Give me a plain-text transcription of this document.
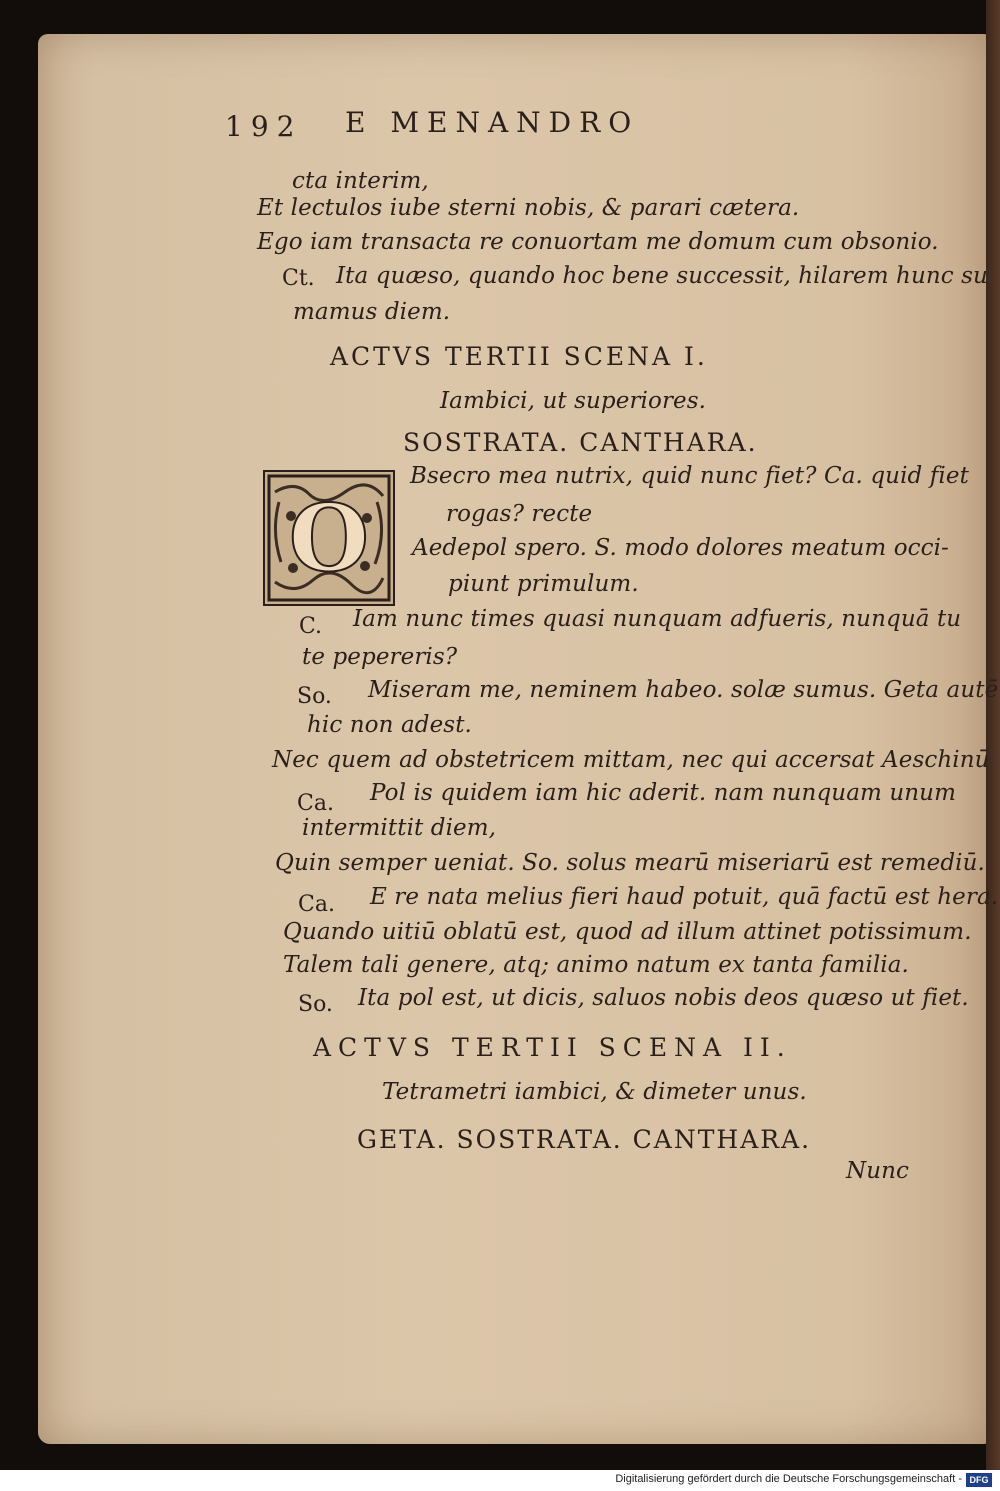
192 E MENANDRO
cta interim,
Et lectulos iube sterni nobis, & parari cætera.
Ego iam transacta re conuortam me domum cum obsonio.
Ct. Ita quæso, quando hoc bene successit, hilarem hunc su
mamus diem.
ACTVS TERTII SCENA I.
Iambici, ut superiores.
SOSTRATA. CANTHARA.
O
Bsecro mea nutrix, quid nunc fiet? Ca. quid fiet
rogas? recte
Aedepol spero. S. modo dolores meatum occi-
piunt primulum.
C. Iam nunc times quasi nunquam adfueris, nunquā tu
te pepereris?
So. Miseram me, neminem habeo. solæ sumus. Geta autē
hic non adest.
Nec quem ad obstetricem mittam, nec qui accersat Aeschinū
Ca. Pol is quidem iam hic aderit. nam nunquam unum
intermittit diem,
Quin semper ueniat. So. solus mearū miseriarū est remediū.
Ca. E re nata melius fieri haud potuit, quā factū est hera.
Quando uitiū oblatū est, quod ad illum attinet potissimum.
Talem tali genere, atq; animo natum ex tanta familia.
So. Ita pol est, ut dicis, saluos nobis deos quæso ut fiet.
ACTVS TERTII SCENA II.
Tetrametri iambici, & dimeter unus.
GETA. SOSTRATA. CANTHARA.
Nunc
Digitalisierung gefördert durch die Deutsche Forschungsgemeinschaft - DFG
